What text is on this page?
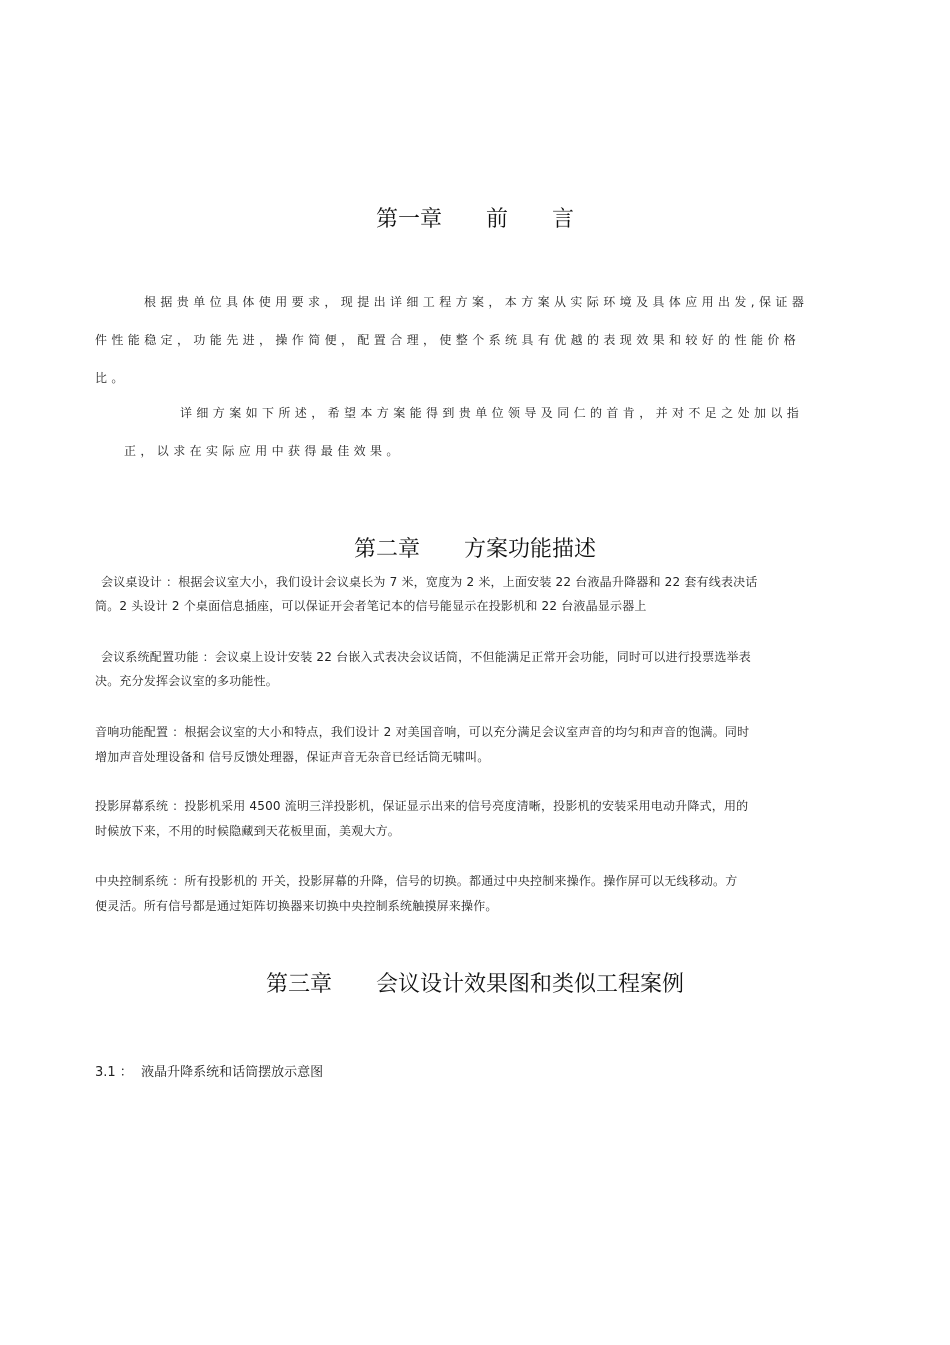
第一章　　前　　言

根据贵单位具体使用要求，现提出详细工程方案，本方案从实际环境及具体应用出发,保证器

件性能稳定，功能先进，操作简便，配置合理，使整个系统具有优越的表现效果和较好的性能价格

比。

详细方案如下所述，希望本方案能得到贵单位领导及同仁的首肯，并对不足之处加以指

正，以求在实际应用中获得最佳效果。

第二章　　方案功能描述

会议桌设计 ：根据会议室大小，我们设计会议桌长为 7 米，宽度为 2 米，上面安装 22 台液晶升降器和 22 套有线表决话

筒。2 头设计 2 个桌面信息插座，可以保证开会者笔记本的信号能显示在投影机和 22 台液晶显示器上

会议系统配置功能 ：会议桌上设计安装 22 台嵌入式表决会议话筒，不但能满足正常开会功能，同时可以进行投票选举表

决。充分发挥会议室的多功能性。

音响功能配置 ：根据会议室的大小和特点，我们设计 2 对美国音响，可以充分满足会议室声音的均匀和声音的饱满。同时

增加声音处理设备和 信号反馈处理器，保证声音无杂音已经话筒无啸叫。

投影屏幕系统 ：投影机采用 4500 流明三洋投影机，保证显示出来的信号亮度清晰，投影机的安装采用电动升降式，用的

时候放下来，不用的时候隐藏到天花板里面，美观大方。

中央控制系统 ：所有投影机的 开关，投影屏幕的升降，信号的切换。都通过中央控制来操作。操作屏可以无线移动。方

便灵活。所有信号都是通过矩阵切换器来切换中央控制系统触摸屏来操作。

第三章　　会议设计效果图和类似工程案例

3.1 ：  液晶升降系统和话筒摆放示意图
